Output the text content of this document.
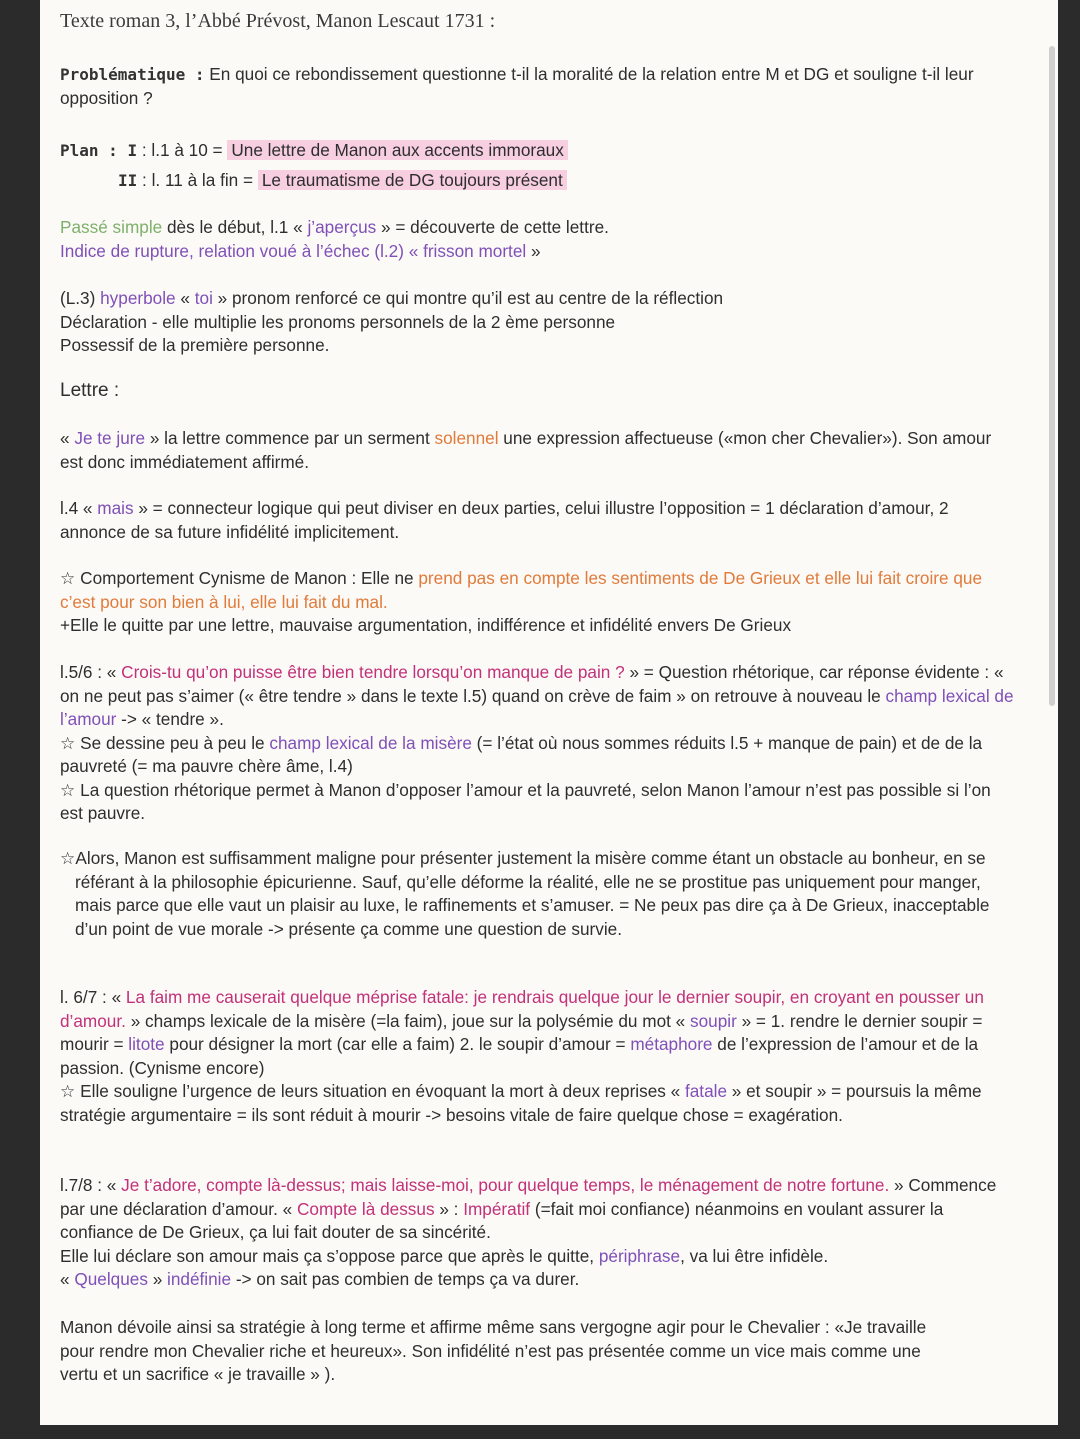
Texte roman 3, l’Abbé Prévost, Manon Lescaut 1731 :
Problématique : En quoi ce rebondissement questionne t-il la moralité de la relation entre M et DG et souligne t-il leur opposition ?
Plan : I : l.1 à 10 = Une lettre de Manon aux accents immoraux
II : l. 11 à la fin = Le traumatisme de DG toujours présent
Passé simple dès le début, l.1 « j’aperçus » = découverte de cette lettre.
Indice de rupture, relation voué à l’échec (l.2) « frisson mortel »
(L.3) hyperbole « toi » pronom renforcé ce qui montre qu’il est au centre de la réflection
Déclaration - elle multiplie les pronoms personnels de la 2 ème personne
Possessif de la première personne.
Lettre :
« Je te jure » la lettre commence par un serment solennel une expression affectueuse («mon cher Chevalier»). Son amour est donc immédiatement affirmé.
l.4 « mais » = connecteur logique qui peut diviser en deux parties, celui illustre l’opposition = 1 déclaration d’amour, 2 annonce de sa future infidélité implicitement.
☆ Comportement Cynisme de Manon : Elle ne prend pas en compte les sentiments de De Grieux et elle lui fait croire que c’est pour son bien à lui, elle lui fait du mal.
+Elle le quitte par une lettre, mauvaise argumentation, indifférence et infidélité envers De Grieux
l.5/6 : « Crois-tu qu’on puisse être bien tendre lorsqu’on manque de pain ? » = Question rhétorique, car réponse évidente : « on ne peut pas s’aimer (« être tendre » dans le texte l.5) quand on crève de faim » on retrouve à nouveau le champ lexical de l’amour -> « tendre ».
☆ Se dessine peu à peu le champ lexical de la misère (= l’état où nous sommes réduits l.5 + manque de pain) et de de la pauvreté (= ma pauvre chère âme, l.4)
☆ La question rhétorique permet à Manon d’opposer l’amour et la pauvreté, selon Manon l’amour n’est pas possible si l’on est pauvre.
☆Alors, Manon est suffisamment maligne pour présenter justement la misère comme étant un obstacle au bonheur, en se référant à la philosophie épicurienne. Sauf, qu’elle déforme la réalité, elle ne se prostitue pas uniquement pour manger, mais parce que elle vaut un plaisir au luxe, le raffinements et s’amuser. = Ne peux pas dire ça à De Grieux, inacceptable d’un point de vue morale -> présente ça comme une question de survie.
l. 6/7 : « La faim me causerait quelque méprise fatale: je rendrais quelque jour le dernier soupir, en croyant en pousser un d’amour. » champs lexicale de la misère (=la faim), joue sur la polysémie du mot « soupir » = 1. rendre le dernier soupir = mourir = litote pour désigner la mort (car elle a faim) 2. le soupir d’amour = métaphore de l’expression de l’amour et de la passion. (Cynisme encore)
☆ Elle souligne l’urgence de leurs situation en évoquant la mort à deux reprises « fatale » et soupir » = poursuis la même stratégie argumentaire = ils sont réduit à mourir -> besoins vitale de faire quelque chose = exagération.
l.7/8 : « Je t’adore, compte là-dessus; mais laisse-moi, pour quelque temps, le ménagement de notre fortune. » Commence par une déclaration d’amour. « Compte là dessus » : Impératif (=fait moi confiance) néanmoins en voulant assurer la confiance de De Grieux, ça lui fait douter de sa sincérité.
Elle lui déclare son amour mais ça s’oppose parce que après le quitte, périphrase, va lui être infidèle.
« Quelques » indéfinie -> on sait pas combien de temps ça va durer.
Manon dévoile ainsi sa stratégie à long terme et affirme même sans vergogne agir pour le Chevalier : «Je travaille pour rendre mon Chevalier riche et heureux». Son infidélité n’est pas présentée comme un vice mais comme une vertu et un sacrifice « je travaille » ).
